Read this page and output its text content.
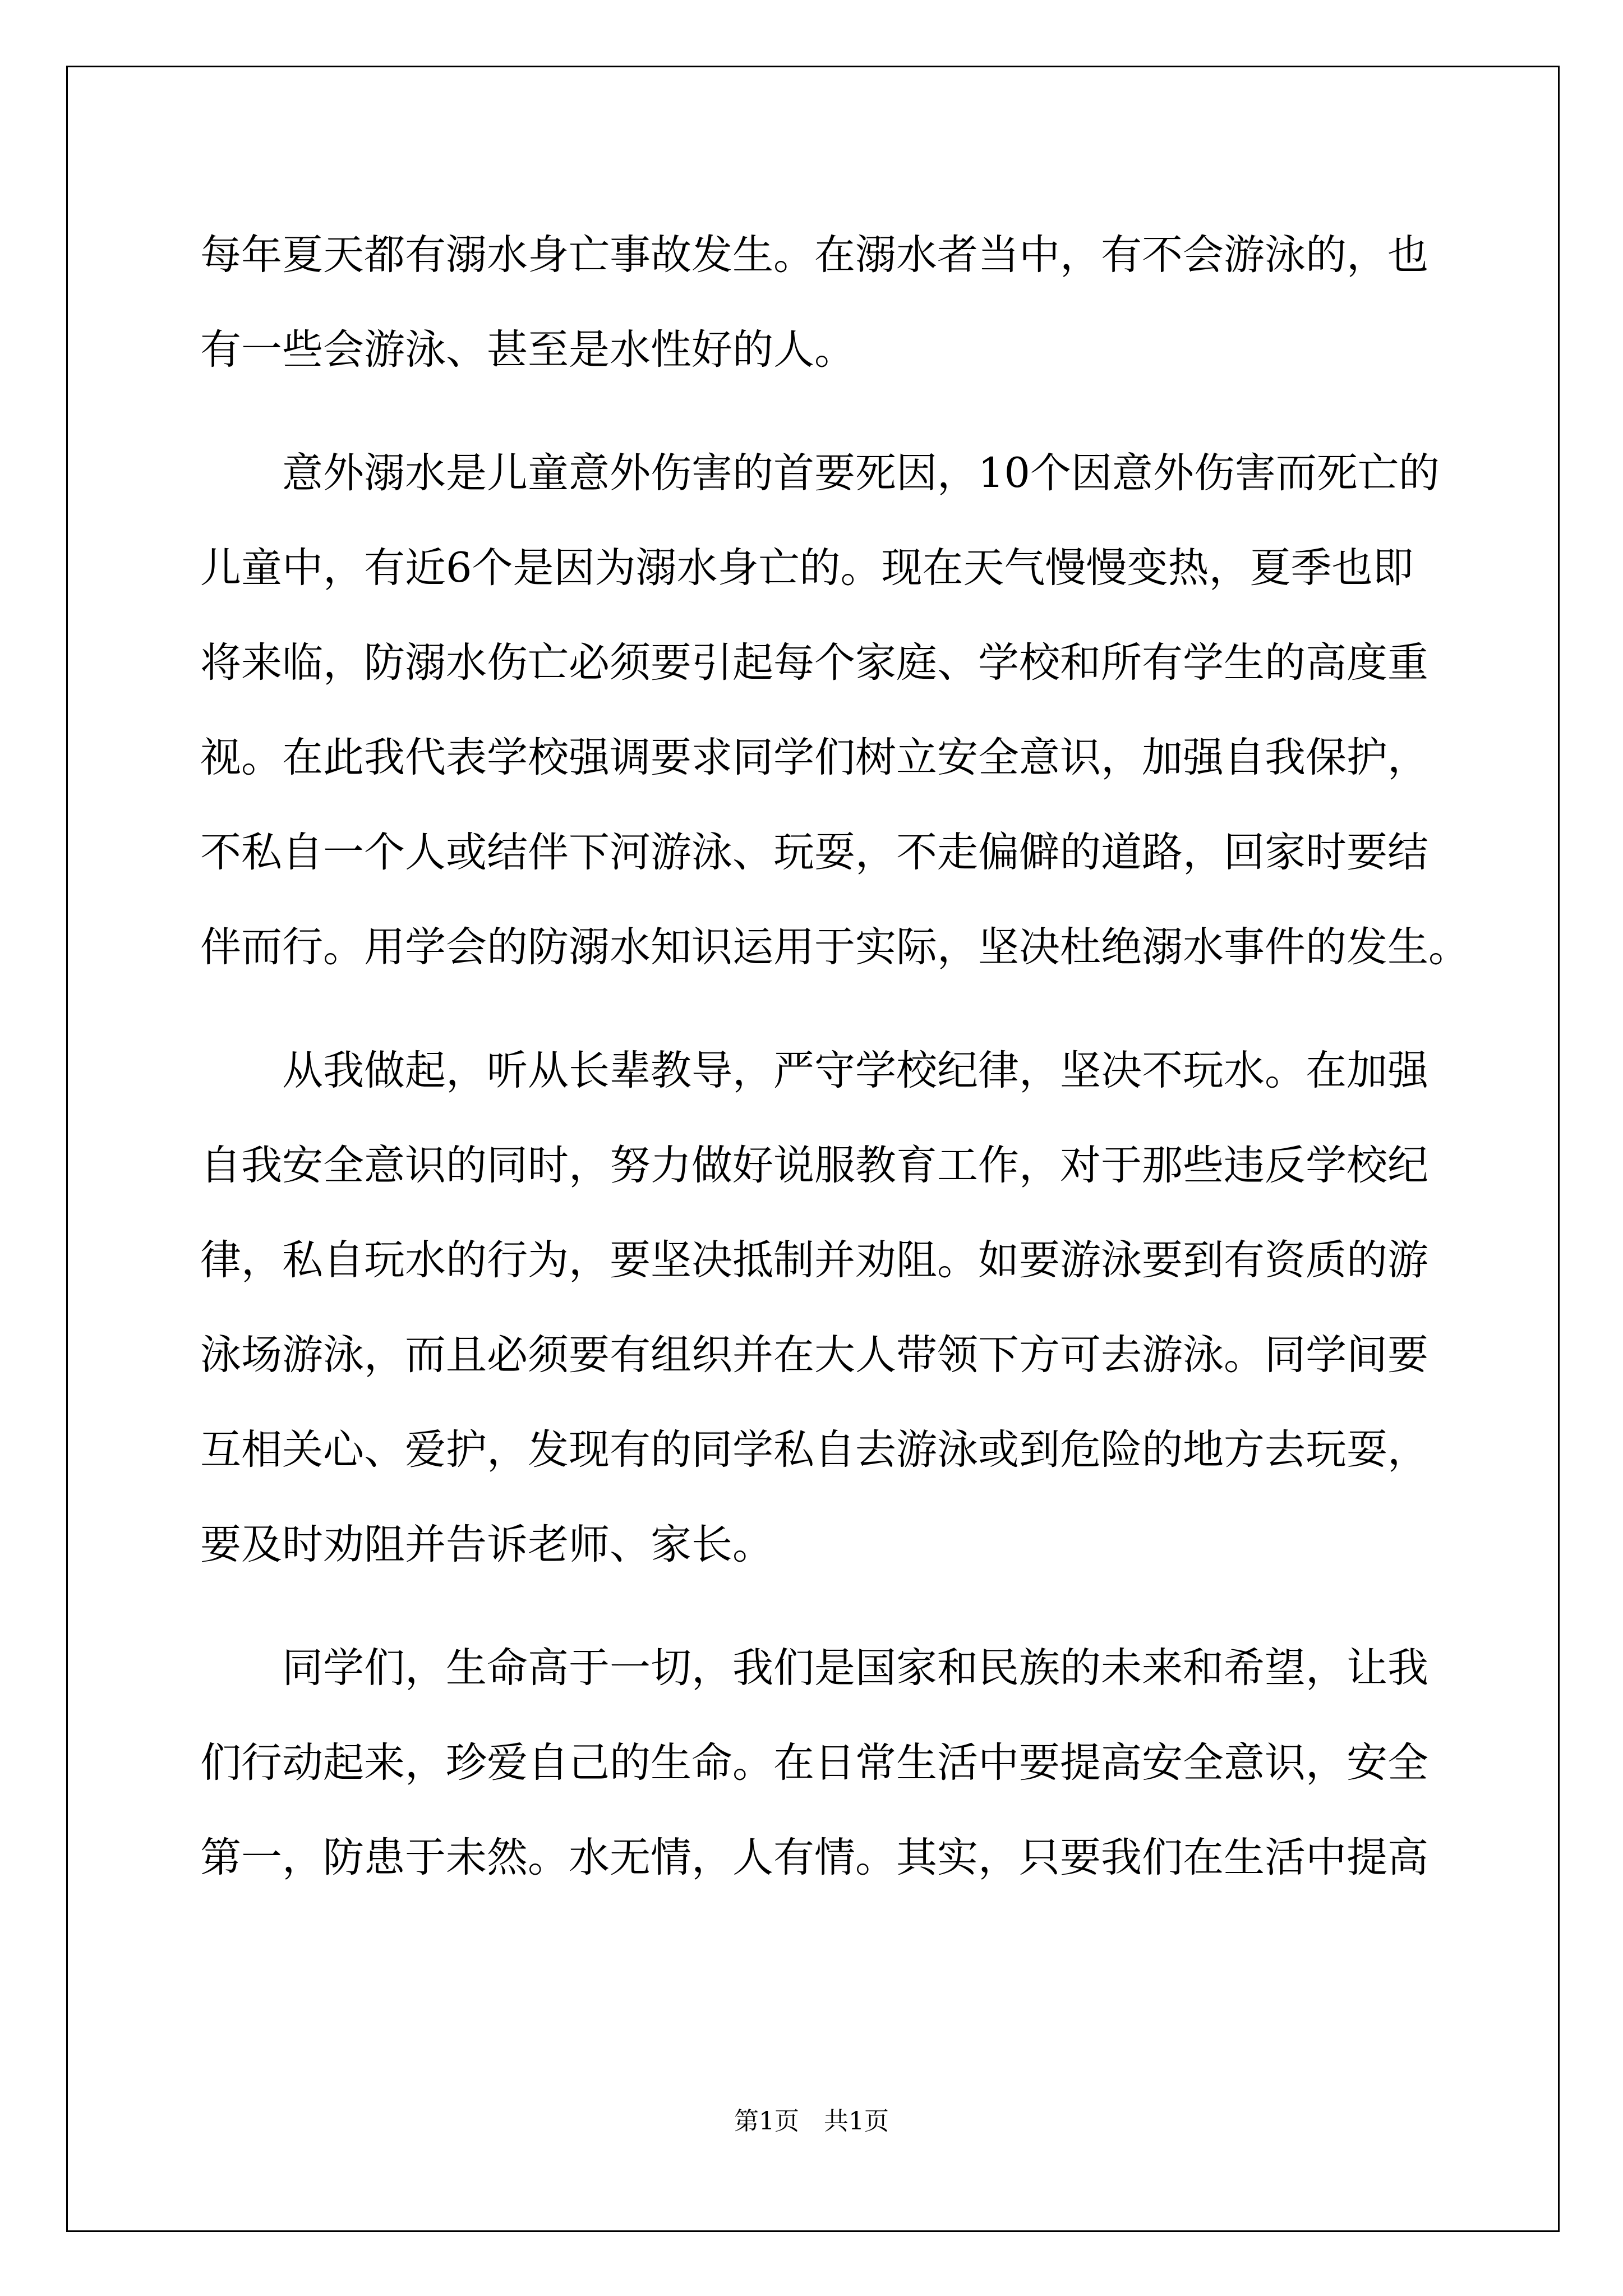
每年夏天都有溺水身亡事故发生。在溺水者当中，有不会游泳的，也
有一些会游泳、甚至是水性好的人。
　　意外溺水是儿童意外伤害的首要死因，10个因意外伤害而死亡的
儿童中，有近6个是因为溺水身亡的。现在天气慢慢变热，夏季也即
将来临，防溺水伤亡必须要引起每个家庭、学校和所有学生的高度重
视。在此我代表学校强调要求同学们树立安全意识，加强自我保护，
不私自一个人或结伴下河游泳、玩耍，不走偏僻的道路，回家时要结
伴而行。用学会的防溺水知识运用于实际，坚决杜绝溺水事件的发生。
　　从我做起，听从长辈教导，严守学校纪律，坚决不玩水。在加强
自我安全意识的同时，努力做好说服教育工作，对于那些违反学校纪
律，私自玩水的行为，要坚决抵制并劝阻。如要游泳要到有资质的游
泳场游泳，而且必须要有组织并在大人带领下方可去游泳。同学间要
互相关心、爱护，发现有的同学私自去游泳或到危险的地方去玩耍，
要及时劝阻并告诉老师、家长。
　　同学们，生命高于一切，我们是国家和民族的未来和希望，让我
们行动起来，珍爱自己的生命。在日常生活中要提高安全意识，安全
第一，防患于未然。水无情，人有情。其实，只要我们在生活中提高
第1页　共1页
